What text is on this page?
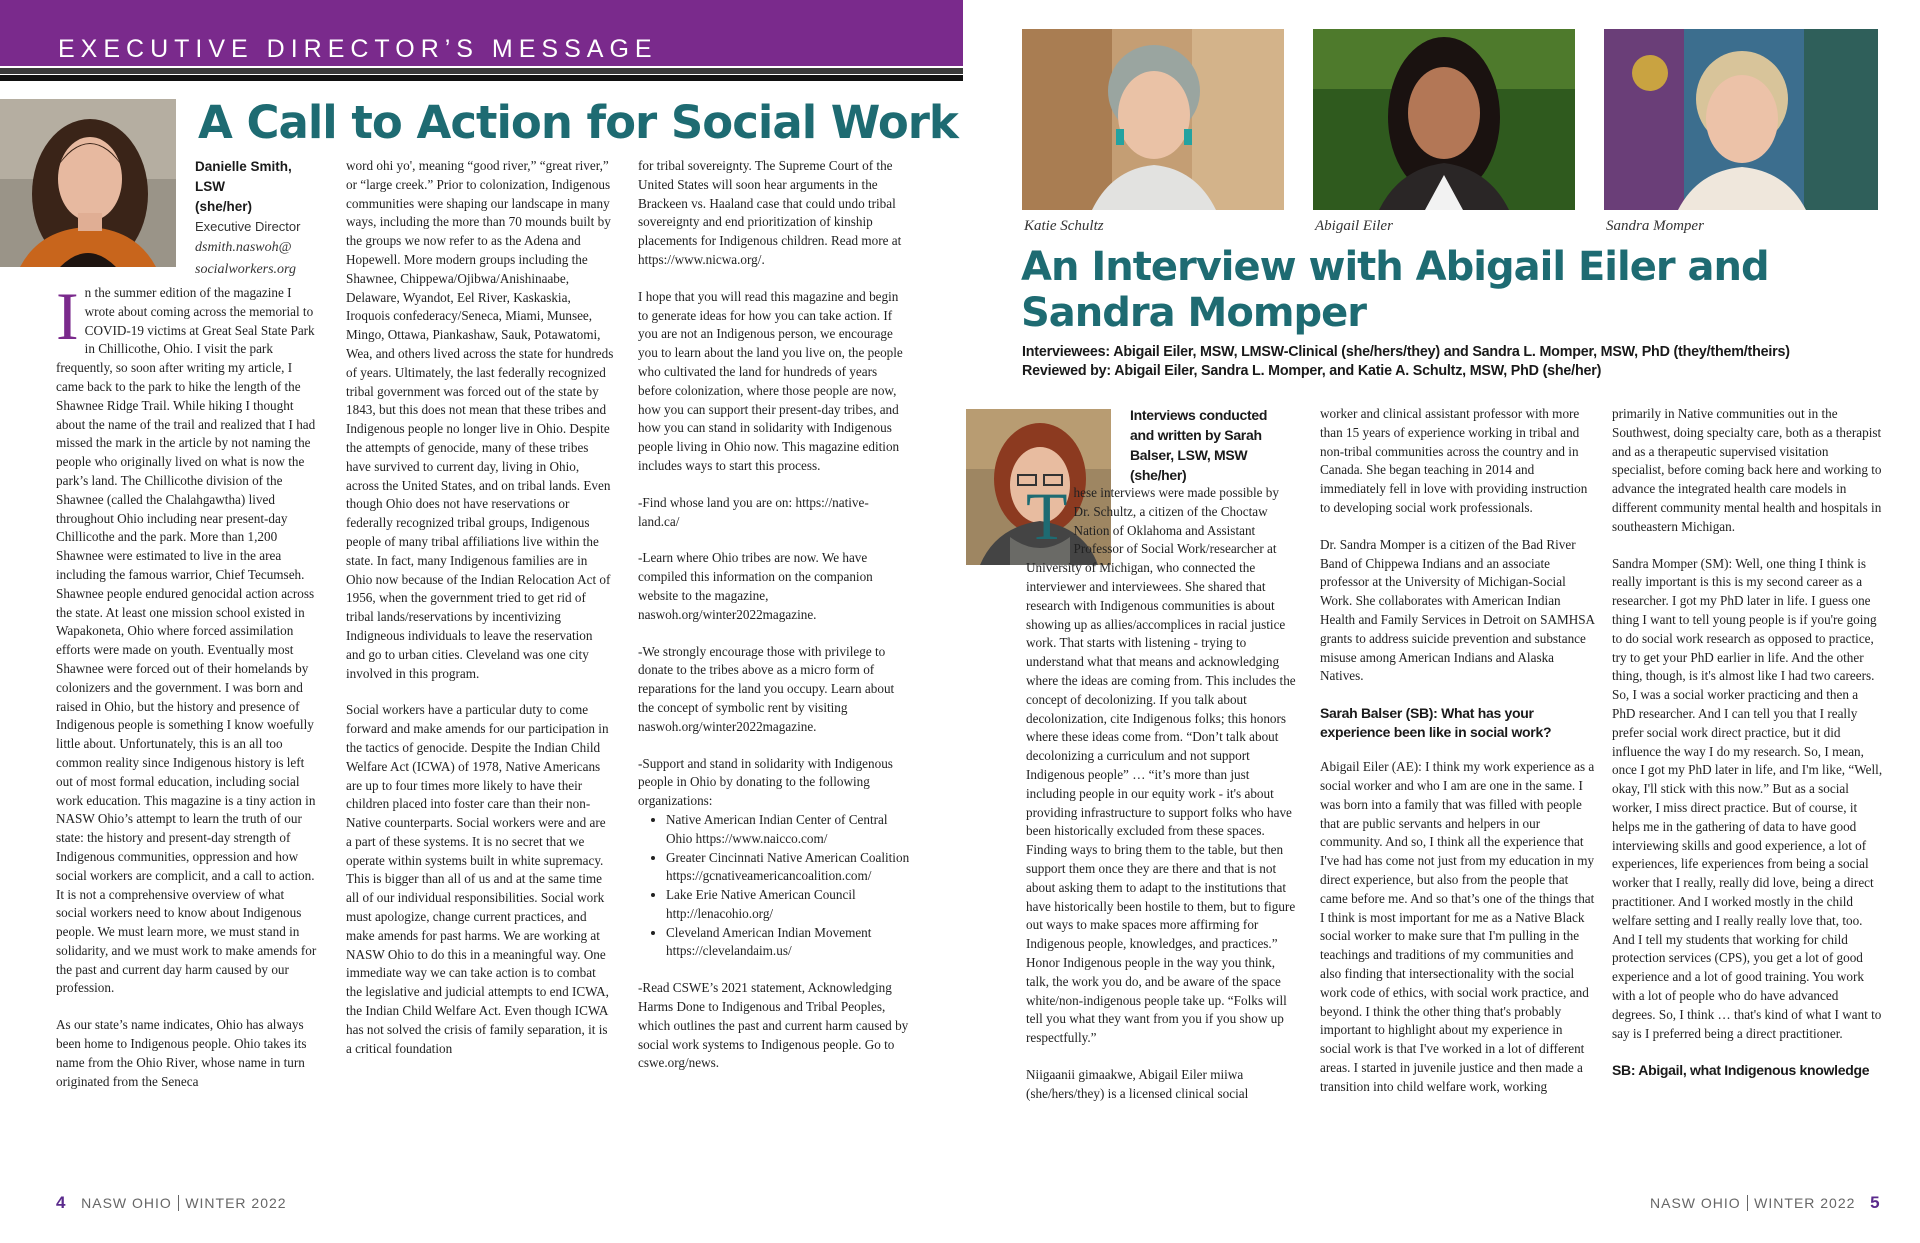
EXECUTIVE DIRECTOR’S MESSAGE
A Call to Action for Social Work
Danielle Smith, LSW
(she/her)
Executive Director
dsmith.naswoh@
socialworkers.org

In the summer edition of the magazine I wrote about coming across the memorial to COVID-19 victims at Great Seal State Park in Chillicothe, Ohio. I visit the park frequently, so soon after writing my article, I came back to the park to hike the length of the Shawnee Ridge Trail. While hiking I thought about the name of the trail and realized that I had missed the mark in the article by not naming the people who originally lived on what is now the park’s land. The Chillicothe division of the Shawnee (called the Chalahgawtha) lived throughout Ohio including near present-day Chillicothe and the park. More than 1,200 Shawnee were estimated to live in the area including the famous warrior, Chief Tecumseh. Shawnee people endured genocidal action across the state. At least one mission school existed in Wapakoneta, Ohio where forced assimilation efforts were made on youth. Eventually most Shawnee were forced out of their homelands by colonizers and the government. I was born and raised in Ohio, but the history and presence of Indigenous people is something I know woefully little about. Unfortunately, this is an all too common reality since Indigenous history is left out of most formal education, including social work education. This magazine is a tiny action in NASW Ohio’s attempt to learn the truth of our state: the history and present-day strength of Indigenous communities, oppression and how social workers are complicit, and a call to action. It is not a comprehensive overview of what social workers need to know about Indigenous people. We must learn more, we must stand in solidarity, and we must work to make amends for the past and current day harm caused by our profession.

As our state’s name indicates, Ohio has always been home to Indigenous people. Ohio takes its name from the Ohio River, whose name in turn originated from the Seneca

word ohi yo', meaning “good river,” “great river,” or “large creek.” Prior to colonization, Indigenous communities were shaping our landscape in many ways, including the more than 70 mounds built by the groups we now refer to as the Adena and Hopewell. More modern groups including the Shawnee, Chippewa/Ojibwa/Anishinaabe, Delaware, Wyandot, Eel River, Kaskaskia, Iroquois confederacy/Seneca, Miami, Munsee, Mingo, Ottawa, Piankashaw, Sauk, Potawatomi, Wea, and others lived across the state for hundreds of years. Ultimately, the last federally recognized tribal government was forced out of the state by 1843, but this does not mean that these tribes and Indigenous people no longer live in Ohio. Despite the attempts of genocide, many of these tribes have survived to current day, living in Ohio, across the United States, and on tribal lands. Even though Ohio does not have reservations or federally recognized tribal groups, Indigenous people of many tribal affiliations live within the state. In fact, many Indigenous families are in Ohio now because of the Indian Relocation Act of 1956, when the government tried to get rid of tribal lands/reservations by incentivizing Indigneous individuals to leave the reservation and go to urban cities. Cleveland was one city involved in this program.

Social workers have a particular duty to come forward and make amends for our participation in the tactics of genocide. Despite the Indian Child Welfare Act (ICWA) of 1978, Native Americans are up to four times more likely to have their children placed into foster care than their non-Native counterparts. Social workers were and are a part of these systems. It is no secret that we operate within systems built in white supremacy. This is bigger than all of us and at the same time all of our individual responsibilities. Social work must apologize, change current practices, and make amends for past harms. We are working at NASW Ohio to do this in a meaningful way. One immediate way we can take action is to combat the legislative and judicial attempts to end ICWA, the Indian Child Welfare Act. Even though ICWA has not solved the crisis of family separation, it is a critical foundation

for tribal sovereignty. The Supreme Court of the United States will soon hear arguments in the Brackeen vs. Haaland case that could undo tribal sovereignty and end prioritization of kinship placements for Indigenous children. Read more at https://www.nicwa.org/.

I hope that you will read this magazine and begin to generate ideas for how you can take action. If you are not an Indigenous person, we encourage you to learn about the land you live on, the people who cultivated the land for hundreds of years before colonization, where those people are now, how you can support their present-day tribes, and how you can stand in solidarity with Indigenous people living in Ohio now. This magazine edition includes ways to start this process.

-Find whose land you are on: https://native-land.ca/

-Learn where Ohio tribes are now. We have compiled this information on the companion website to the magazine, naswoh.org/winter2022magazine.

-We strongly encourage those with privilege to donate to the tribes above as a micro form of reparations for the land you occupy. Learn about the concept of symbolic rent by visiting naswoh.org/winter2022magazine.

-Support and stand in solidarity with Indigenous people in Ohio by donating to the following organizations:

• Native American Indian Center of Central Ohio https://www.naicco.com/
• Greater Cincinnati Native American Coalition https://gcnativeamericancoalition.com/
• Lake Erie Native American Council http://lenacohio.org/
• Cleveland American Indian Movement https://clevelandaim.us/

-Read CSWE’s 2021 statement, Acknowledging Harms Done to Indigenous and Tribal Peoples, which outlines the past and current harm caused by social work systems to Indigenous people. Go to cswe.org/news.

4 NASW OHIO WINTER 2022
Katie Schultz	Abigail Eiler	Sandra Momper
An Interview with Abigail Eiler and
Sandra Momper
Interviewees: Abigail Eiler, MSW, LMSW-Clinical (she/hers/they) and Sandra L. Momper, MSW, PhD (they/them/theirs)
Reviewed by: Abigail Eiler, Sandra L. Momper, and Katie A. Schultz, MSW, PhD (she/her)
Interviews conducted and written by Sarah Balser, LSW, MSW (she/her)

These interviews were made possible by Dr. Schultz, a citizen of the Choctaw Nation of Oklahoma and Assistant Professor of Social Work/researcher at University of Michigan, who connected the interviewer and interviewees. She shared that research with Indigenous communities is about showing up as allies/accomplices in racial justice work. That starts with listening - trying to understand what that means and acknowledging where the ideas are coming from. This includes the concept of decolonizing. If you talk about decolonization, cite Indigenous folks; this honors where these ideas come from. “Don’t talk about decolonizing a curriculum and not support Indigenous people” … “it’s more than just including people in our equity work - it's about providing infrastructure to support folks who have been historically excluded from these spaces. Finding ways to bring them to the table, but then support them once they are there and that is not about asking them to adapt to the institutions that have historically been hostile to them, but to figure out ways to make spaces more affirming for Indigenous people, knowledges, and practices.” Honor Indigenous people in the way you think, talk, the work you do, and be aware of the space white/non-indigenous people take up. “Folks will tell you what they want from you if you show up respectfully.”

Niigaanii gimaakwe, Abigail Eiler miiwa (she/hers/they) is a licensed clinical social

worker and clinical assistant professor with more than 15 years of experience working in tribal and non-tribal communities across the country and in Canada. She began teaching in 2014 and immediately fell in love with providing instruction to developing social work professionals.

Dr. Sandra Momper is a citizen of the Bad River Band of Chippewa Indians and an associate professor at the University of Michigan-Social Work. She collaborates with American Indian Health and Family Services in Detroit on SAMHSA grants to address suicide prevention and substance misuse among American Indians and Alaska Natives.

Sarah Balser (SB): What has your experience been like in social work?

Abigail Eiler (AE): I think my work experience as a social worker and who I am are one in the same. I was born into a family that was filled with people that are public servants and helpers in our community. And so, I think all the experience that I've had has come not just from my education in my direct experience, but also from the people that came before me. And so that’s one of the things that I think is most important for me as a Native Black social worker to make sure that I'm pulling in the teachings and traditions of my communities and also finding that intersectionality with the social work code of ethics, with social work practice, and beyond. I think the other thing that's probably important to highlight about my experience in social work is that I've worked in a lot of different areas. I started in juvenile justice and then made a transition into child welfare work, working

primarily in Native communities out in the Southwest, doing specialty care, both as a therapist and as a therapeutic supervised visitation specialist, before coming back here and working to advance the integrated health care models in different community mental health and hospitals in southeastern Michigan.

Sandra Momper (SM): Well, one thing I think is really important is this is my second career as a researcher. I got my PhD later in life. I guess one thing I want to tell young people is if you're going to do social work research as opposed to practice, try to get your PhD earlier in life. And the other thing, though, is it's almost like I had two careers. So, I was a social worker practicing and then a PhD researcher. And I can tell you that I really prefer social work direct practice, but it did influence the way I do my research. So, I mean, once I got my PhD later in life, and I'm like, “Well, okay, I'll stick with this now.” But as a social worker, I miss direct practice. But of course, it helps me in the gathering of data to have good interviewing skills and good experience, a lot of experiences, life experiences from being a social worker that I really, really did love, being a direct practitioner. And I worked mostly in the child welfare setting and I really really love that, too. And I tell my students that working for child protection services (CPS), you get a lot of good experience and a lot of good training. You work with a lot of people who do have advanced degrees. So, I think … that's kind of what I want to say is I preferred being a direct practitioner.

SB: Abigail, what Indigenous knowledge
NASW OHIO WINTER 2022 5
